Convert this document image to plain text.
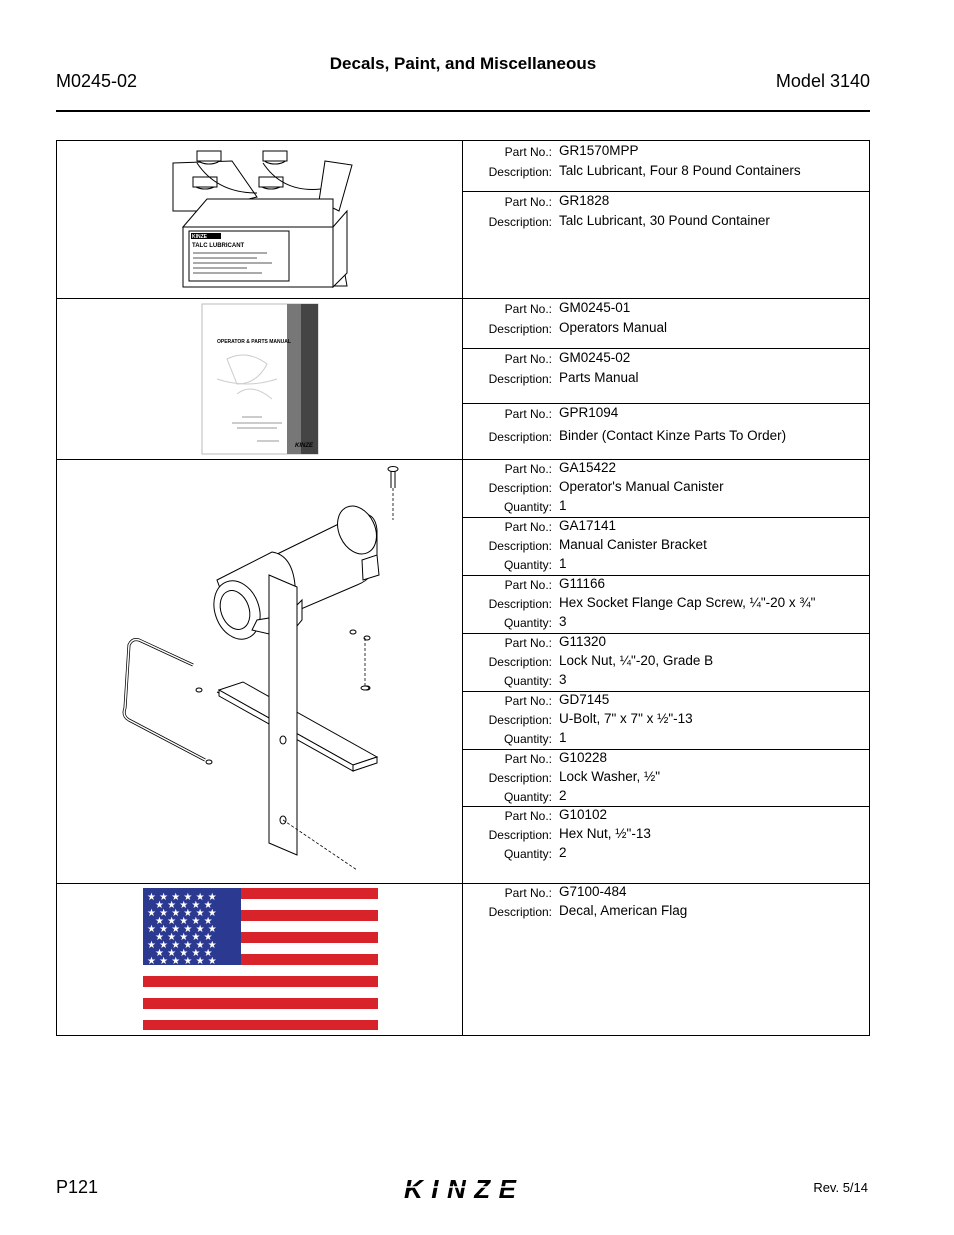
Decals, Paint, and Miscellaneous
M0245-02	Model 3140
KINZE
TALC LUBRICANT
Part No.: GR1570MPP
Description: Talc Lubricant, Four 8 Pound Containers
Part No.: GR1828
Description: Talc Lubricant, 30 Pound Container
OPERATOR & PARTS MANUAL
KINZE
Part No.: GM0245-01
Description: Operators Manual
Part No.: GM0245-02
Description: Parts Manual
Part No.: GPR1094
Description: Binder (Contact Kinze Parts To Order)
Part No.: GA15422
Description: Operator's Manual Canister
Quantity: 1
Part No.: GA17141
Description: Manual Canister Bracket
Quantity: 1
Part No.: G11166
Description: Hex Socket Flange Cap Screw, ¼"-20 x ¾"
Quantity: 3
Part No.: G11320
Description: Lock Nut, ¼"-20, Grade B
Quantity: 3
Part No.: GD7145
Description: U-Bolt, 7" x 7" x ½"-13
Quantity: 1
Part No.: G10228
Description: Lock Washer, ½"
Quantity: 2
Part No.: G10102
Description: Hex Nut, ½"-13
Quantity: 2
★ ★ ★ ★ ★ ★
★ ★ ★ ★ ★
★ ★ ★ ★ ★ ★
★ ★ ★ ★ ★
★ ★ ★ ★ ★ ★
★ ★ ★ ★ ★
★ ★ ★ ★ ★ ★
★ ★ ★ ★ ★
★ ★ ★ ★ ★ ★
Part No.: G7100-484
Description: Decal, American Flag
P121	KINZE	Rev. 5/14
